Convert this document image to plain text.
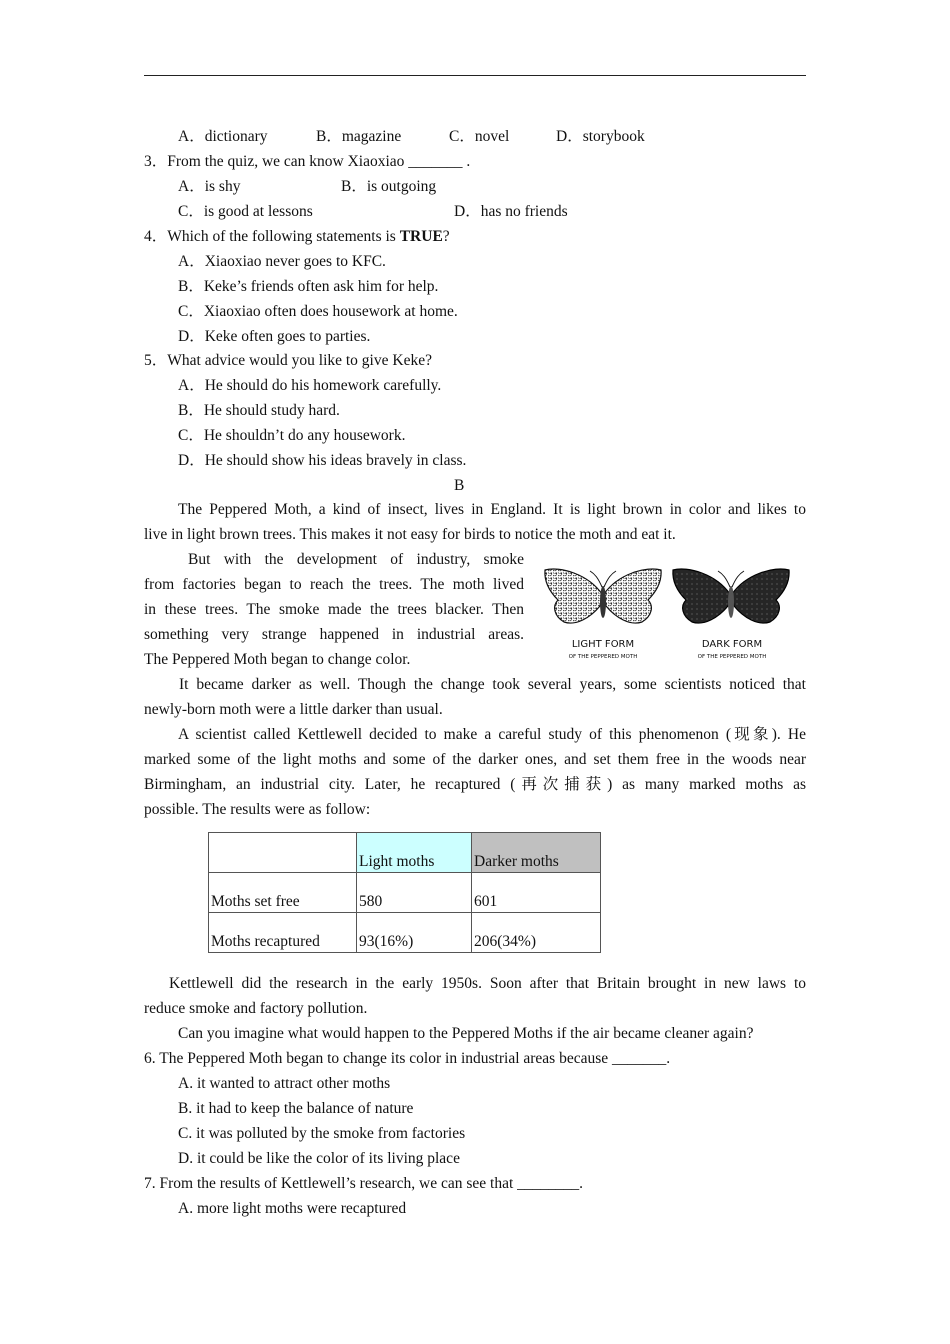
A．dictionary	B．magazine	C．novel	D．storybook
3．From the quiz, we can know Xiaoxiao _______ .
A．is shy	B．is outgoing
C．is good at lessons	D．has no friends
4．Which of the following statements is TRUE?
A．Xiaoxiao never goes to KFC.
B．Keke’s friends often ask him for help.
C．Xiaoxiao often does housework at home.
D．Keke often goes to parties.
5．What advice would you like to give Keke?
A．He should do his homework carefully.
B．He should study hard.
C．He shouldn’t do any housework.
D．He should show his ideas bravely in class.
B
The Peppered Moth, a kind of insect, lives in England. It is light brown in color and likes to
live in light brown trees. This makes it not easy for birds to notice the moth and eat it.
But with the development of industry, smoke
from factories began to reach the trees. The moth lived
in these trees. The smoke made the trees blacker. Then
something very strange happened in industrial areas.
The Peppered Moth began to change color.
LIGHT FORM
OF THE PEPPERED MOTH
DARK FORM
OF THE PEPPERED MOTH
It became darker as well. Though the change took several years, some scientists noticed that
newly-born moth were a little darker than usual.
A scientist called Kettlewell decided to make a careful study of this phenomenon (现象). He
marked some of the light moths and some of the darker ones, and set them free in the woods near
Birmingham, an industrial city. Later, he recaptured (再次捕获) as many marked moths as
possible. The results were as follow:
	Light moths	Darker moths
Moths set free	580	601
Moths recaptured	93(16%)	206(34%)
Kettlewell did the research in the early 1950s. Soon after that Britain brought in new laws to
reduce smoke and factory pollution.
Can you imagine what would happen to the Peppered Moths if the air became cleaner again?
6. The Peppered Moth began to change its color in industrial areas because _______.
A. it wanted to attract other moths
B. it had to keep the balance of nature
C. it was polluted by the smoke from factories
D. it could be like the color of its living place
7. From the results of Kettlewell’s research, we can see that ________.
A. more light moths were recaptured
